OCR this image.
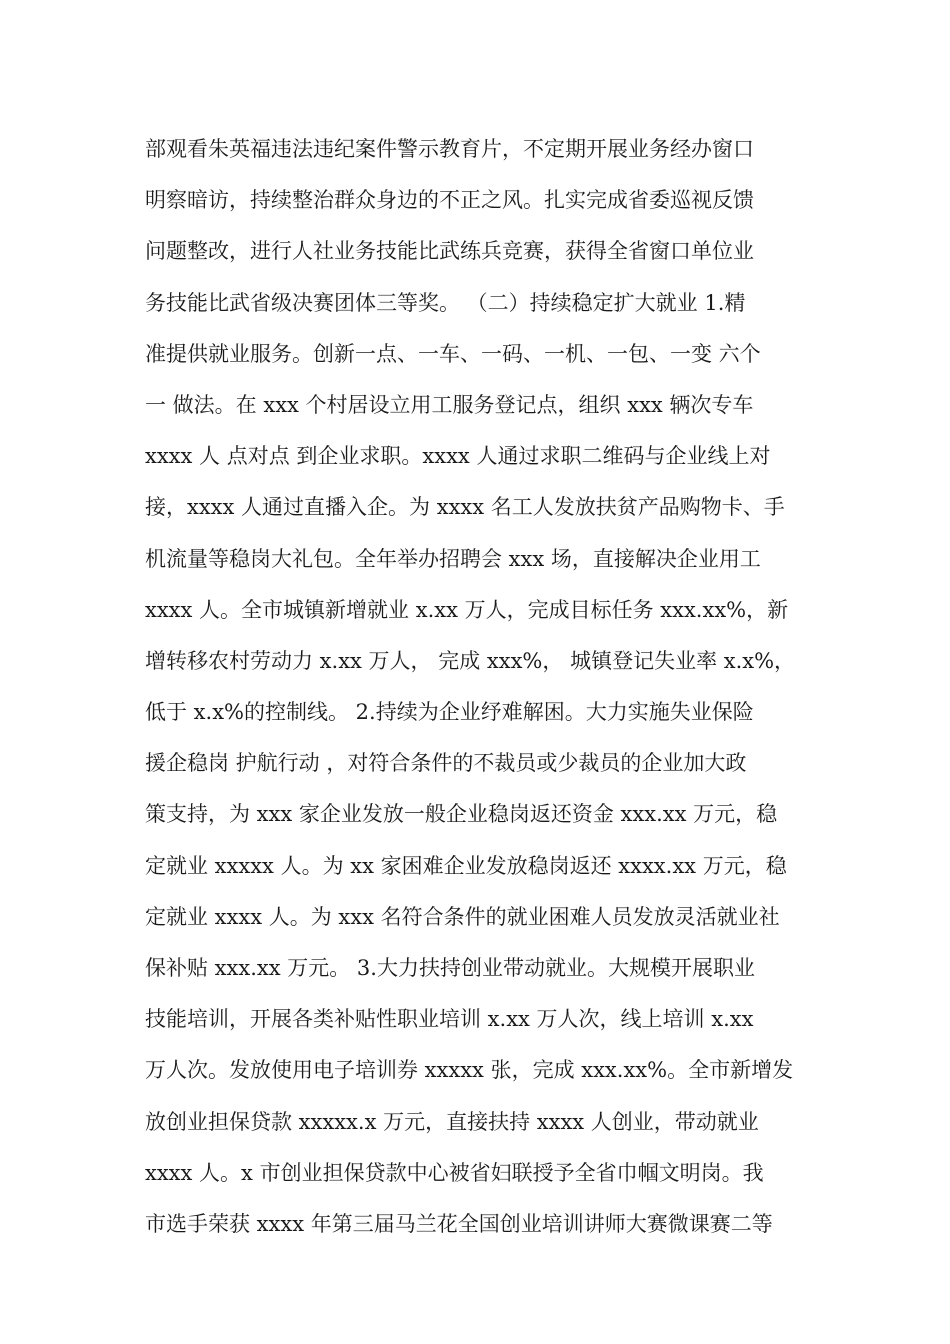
部观看朱英福违法违纪案件警示教育片，不定期开展业务经办窗口
明察暗访，持续整治群众身边的不正之风。扎实完成省委巡视反馈
问题整改，进行人社业务技能比武练兵竞赛，获得全省窗口单位业
务技能比武省级决赛团体三等奖。 （二）持续稳定扩大就业 1.精
准提供就业服务。创新一点、一车、一码、一机、一包、一变 六个
一 做法。在 xxx 个村居设立用工服务登记点，组织 xxx 辆次专车
xxxx 人 点对点 到企业求职。xxxx 人通过求职二维码与企业线上对
接，xxxx 人通过直播入企。为 xxxx 名工人发放扶贫产品购物卡、手
机流量等稳岗大礼包。全年举办招聘会 xxx 场，直接解决企业用工
xxxx 人。全市城镇新增就业 x.xx 万人，完成目标任务 xxx.xx%，新
增转移农村劳动力 x.xx 万人， 完成 xxx%， 城镇登记失业率 x.x%，
低于 x.x%的控制线。 2.持续为企业纾难解困。大力实施失业保险
援企稳岗 护航行动 ，对符合条件的不裁员或少裁员的企业加大政
策支持，为 xxx 家企业发放一般企业稳岗返还资金 xxx.xx 万元，稳
定就业 xxxxx 人。为 xx 家困难企业发放稳岗返还 xxxx.xx 万元，稳
定就业 xxxx 人。为 xxx 名符合条件的就业困难人员发放灵活就业社
保补贴 xxx.xx 万元。 3.大力扶持创业带动就业。大规模开展职业
技能培训，开展各类补贴性职业培训 x.xx 万人次，线上培训 x.xx
万人次。发放使用电子培训券 xxxxx 张，完成 xxx.xx%。全市新增发
放创业担保贷款 xxxxx.x 万元，直接扶持 xxxx 人创业，带动就业
xxxx 人。x 市创业担保贷款中心被省妇联授予全省巾帼文明岗。我
市选手荣获 xxxx 年第三届马兰花全国创业培训讲师大赛微课赛二等
